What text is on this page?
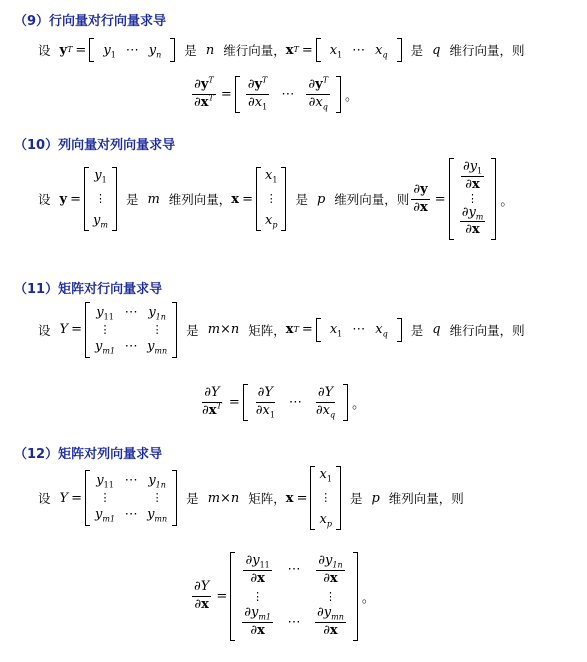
（9）行向量对行向量求导
设 y $T = y_1$ ⋯ $y_n$ 是 n 维行向量， x $T = x_1$ ⋯ $x_q$ 是 q 维行向量，则
$\frac{\partial y^T}{\partial x^T} = \frac{\partial y^T}{\partial x_1}$ ⋯ $\frac{\partial y^T}{\partial x_q}$ 。
（10）列向量对列向量求导
设 y =
$y_1$
⋮
$y_m$
是 m 维列向量， x =
$x_1$
⋮
$x_p$
是 p 维列向量，则 $\frac{\partial y}{\partial x}$ =
$\frac{\partial y_1}{\partial x}$
⋮
$\frac{\partial y_m}{\partial x}$
。
（11）矩阵对行向量求导
设 Y =
$y_{11}$ ⋯ $y_{1n}$
⋮	⋮
$y_{m1}$ ⋯ $y_{mn}$
是 m×n 矩阵， x $T = x_1$ ⋯ $x_q$ 是 q 维行向量，则
$\frac{\partial Y}{\partial x^T} = \frac{\partial Y}{\partial x_1}$ ⋯ $\frac{\partial Y}{\partial x_q}$ 。
（12）矩阵对列向量求导
设 Y =
$y_{11}$ ⋯ $y_{1n}$
⋮	⋮
$y_{m1}$ ⋯ $y_{mn}$
是 m×n 矩阵， x =
$x_1$
⋮
$x_p$
是 p 维列向量，则
$\frac{\partial Y}{\partial x}$ =
$\frac{\partial y_{11}}{\partial x}$	⋯	$\frac{\partial y_{1n}}{\partial x}$
⋮	⋮
$\frac{\partial y_{m1}}{\partial x}$	⋯	$\frac{\partial y_{mn}}{\partial x}$
。
